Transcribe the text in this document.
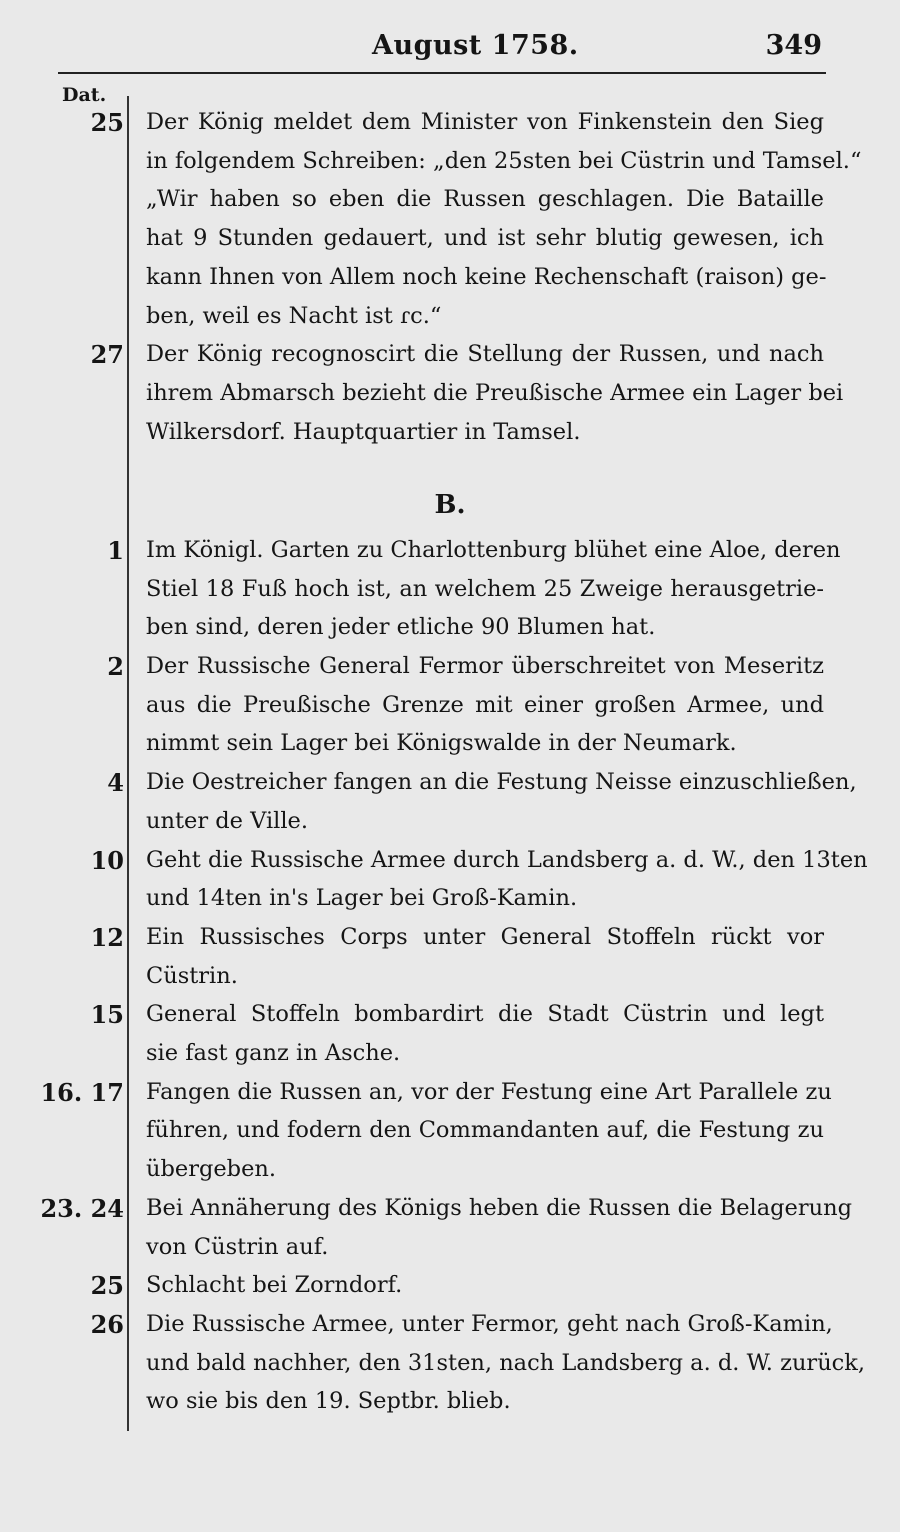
August 1758.	349
Dat.
B.
25 Der König meldet dem Minister von Finkenstein den Sieg
in folgendem Schreiben: „den 25sten bei Cüstrin und Tamsel.“
„Wir haben so eben die Russen geschlagen. Die Bataille
hat 9 Stunden gedauert, und ist sehr blutig gewesen, ich
kann Ihnen von Allem noch keine Rechenschaft (raison) ge-
ben, weil es Nacht ist ɾc.“
27 Der König recognoscirt die Stellung der Russen, und nach
ihrem Abmarsch bezieht die Preußische Armee ein Lager bei
Wilkersdorf. Hauptquartier in Tamsel.
1 Im Königl. Garten zu Charlottenburg blühet eine Aloe, deren
Stiel 18 Fuß hoch ist, an welchem 25 Zweige herausgetrie-
ben sind, deren jeder etliche 90 Blumen hat.
2 Der Russische General Fermor überschreitet von Meseritz
aus die Preußische Grenze mit einer großen Armee, und
nimmt sein Lager bei Königswalde in der Neumark.
4 Die Oestreicher fangen an die Festung Neisse einzuschließen,
unter de Ville.
10 Geht die Russische Armee durch Landsberg a. d. W., den 13ten
und 14ten in's Lager bei Groß-Kamin.
12 Ein Russisches Corps unter General Stoffeln rückt vor
Cüstrin.
15 General Stoffeln bombardirt die Stadt Cüstrin und legt
sie fast ganz in Asche.
16. 17 Fangen die Russen an, vor der Festung eine Art Parallele zu
führen, und fodern den Commandanten auf, die Festung zu
übergeben.
23. 24 Bei Annäherung des Königs heben die Russen die Belagerung
von Cüstrin auf.
25 Schlacht bei Zorndorf.
26 Die Russische Armee, unter Fermor, geht nach Groß-Kamin,
und bald nachher, den 31sten, nach Landsberg a. d. W. zurück,
wo sie bis den 19. Septbr. blieb.
